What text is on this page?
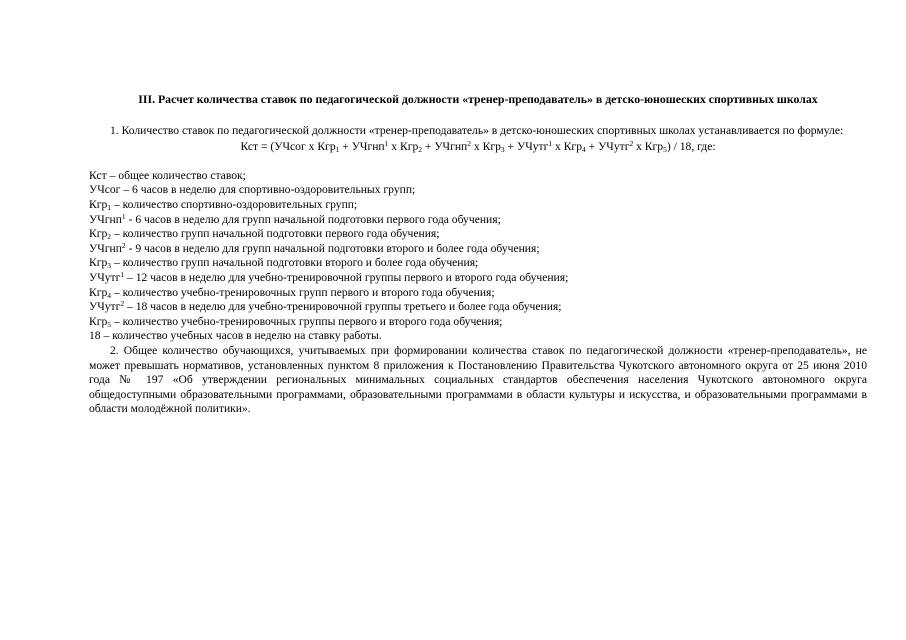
III. Расчет количества ставок по педагогической должности «тренер-преподаватель» в детско-юношеских спортивных школах

1. Количество ставок по педагогической должности «тренер-преподаватель» в детско-юношеских спортивных школах устанавливается по формуле:

Кст = (УЧсог x Кгр$_1$ + УЧгнп$^1$ x Кгр$_2$ + УЧгнп$^2$ x Кгр$_3$ + УЧутг$^1$ x Кгр$_4$ + УЧутг$^2$ x Кгр$_5$) / 18, где:

Кст – общее количество ставок;

УЧсог – 6 часов в неделю для спортивно-оздоровительных групп;

Кгр$_1$ – количество спортивно-оздоровительных групп;

УЧгнп$^1$ - 6 часов в неделю для групп начальной подготовки первого года обучения;

Кгр$_2$ – количество групп начальной подготовки первого года обучения;

УЧгнп$^2$ - 9 часов в неделю для групп начальной подготовки второго и более года обучения;

Кгр$_3$ – количество групп начальной подготовки второго и более года обучения;

УЧутг$^1$ – 12 часов в неделю для учебно-тренировочной группы первого и второго года обучения;

Кгр$_4$ – количество учебно-тренировочных групп первого и второго года обучения;

УЧутг$^2$ – 18 часов в неделю для учебно-тренировочной группы третьего и более года обучения;

Кгр$_5$ – количество учебно-тренировочных группы первого и второго года обучения;

18 – количество учебных часов в неделю на ставку работы.

2. Общее количество обучающихся, учитываемых при формировании количества ставок по педагогической должности «тренер-преподаватель», не может превышать нормативов, установленных пунктом 8 приложения к Постановлению Правительства Чукотского автономного округа от 25 июня 2010 года № 197 «Об утверждении региональных минимальных социальных стандартов обеспечения населения Чукотского автономного округа общедоступными образовательными программами, образовательными программами в области культуры и искусства, и образовательными программами в области молодёжной политики».
